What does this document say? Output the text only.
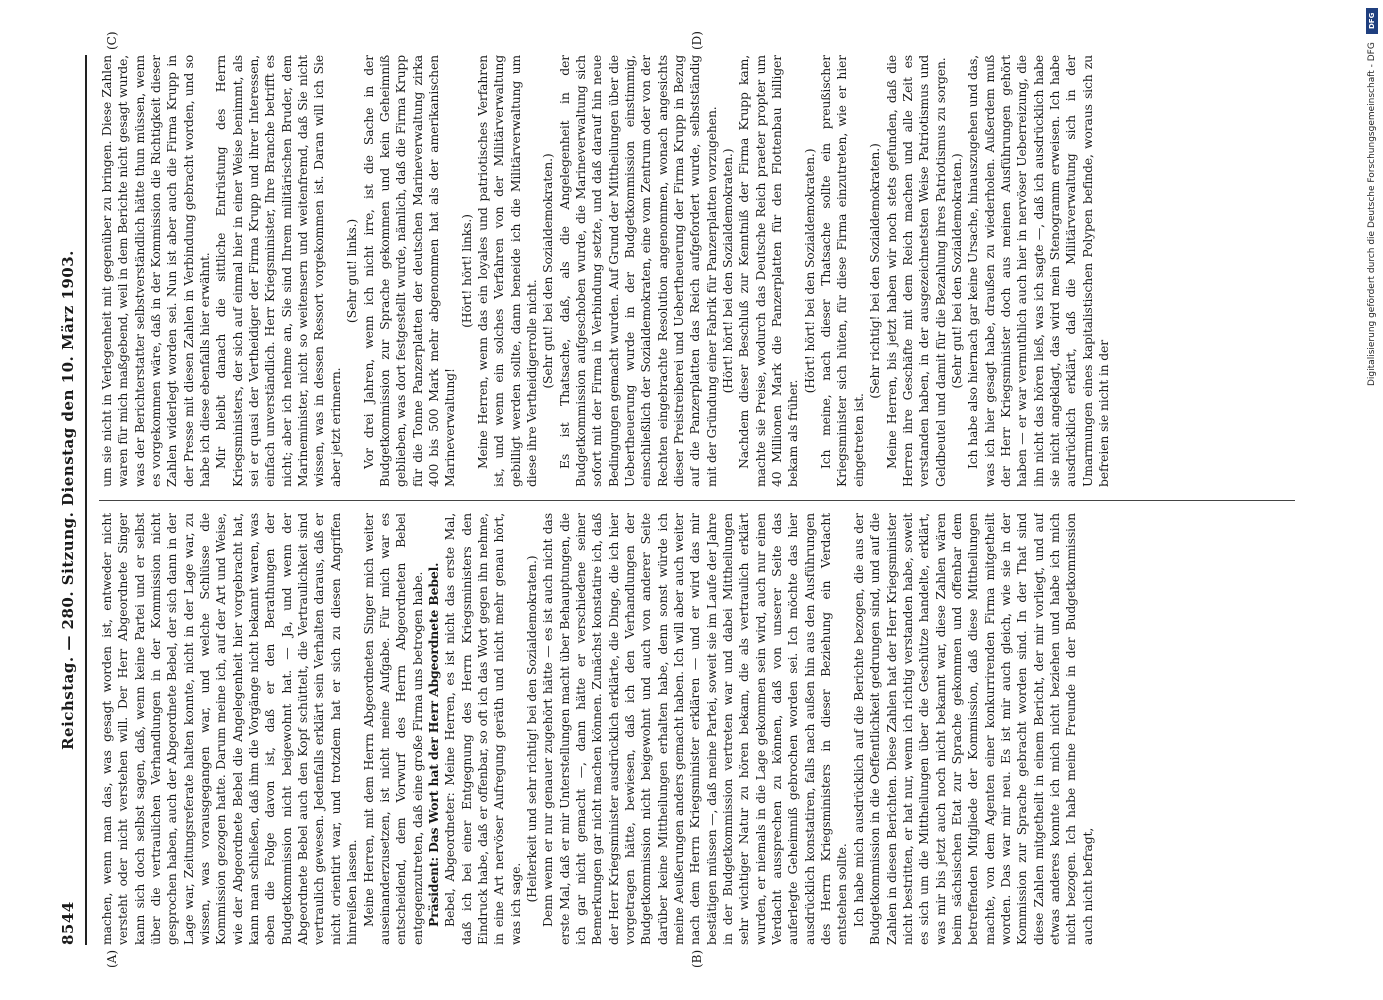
8544
Reichstag. — 280. Sitzung. Dienstag den 10. März 1903. machen, wenn man das, was gesagt worden ist, entweder nicht versteht oder nicht verstehen will. Der Herr Abgeordnete Singer kann sich doch selbst sagen, daß, wenn keine Partei und er selbst über die vertraulichen Verhandlungen in der Kommission nicht gesprochen haben, auch der Abgeordnete Bebel, der sich dann in der Lage war, Zeitungsreferate halten konnte, nicht in der Lage war, zu wissen, was vorausgegangen war, und welche Schlüsse die Kommission gezogen hatte. Darum meine ich, auf der Art und Weise, wie der Abgeordnete Bebel die Angelegenheit hier vorgebracht hat, kann man schließen, daß ihm die Vorgänge nicht bekannt waren, was eben die Folge davon ist, daß er den Berathungen der Budgetkommission nicht beigewohnt hat. — Ja, und wenn der Abgeordnete Bebel auch den Kopf schüttelt, die Vertraulichkeit sind vertraulich gewesen. Jedenfalls erklärt sein Verhalten daraus, daß er nicht orientirt war, und trotzdem hat er sich zu diesen Angriffen hinreißen lassen. Meine Herren, mit dem Herrn Abgeordneten Singer mich weiter auseinanderzusetzen, ist nicht meine Aufgabe. Für mich war es entscheidend, dem Vorwurf des Herrn Abgeordneten Bebel entgegenzutreten, daß eine große Firma uns betrogen habe. Präsident: Das Wort hat der Herr Abgeordnete Bebel. Bebel, Abgeordneter: Meine Herren, es ist nicht das erste Mal, daß ich bei einer Entgegnung des Herrn Kriegsministers den Eindruck habe, daß er offenbar, so oft ich das Wort gegen ihn nehme, in eine Art nervöser Aufregung geräth und nicht mehr genau hört, was ich sage.

(Heiterkeit und sehr richtig! bei den Sozialdemokraten.) Denn wenn er nur genauer zugehört hätte — es ist auch nicht das erste Mal, daß er mir Unterstellungen macht über Behauptungen, die ich gar nicht gemacht —, dann hätte er verschiedene seiner Bemerkungen gar nicht machen können. Zunächst konstatire ich, daß der Herr Kriegsminister ausdrücklich erklärte, die Dinge, die ich hier vorgetragen hätte, bewiesen, daß ich den Verhandlungen der Budgetkommission nicht beigewohnt und auch von anderer Seite darüber keine Mittheilungen erhalten habe, denn sonst würde ich meine Aeußerungen anders gemacht haben. Ich will aber auch weiter nach dem Herrn Kriegsminister erklären — und er wird das mir bestätigen müssen —, daß meine Partei, soweit sie im Laufe der Jahre in der Budgetkommission vertreten war und dabei Mittheilungen sehr wichtiger Natur zu hören bekam, die als vertraulich erklärt wurden, er niemals in die Lage gekommen sein wird, auch nur einen Verdacht aussprechen zu können, daß von unserer Seite das auferlegte Geheimniß gebrochen worden sei. Ich möchte das hier ausdrücklich konstatiren, falls nach außen hin aus den Ausführungen des Herrn Kriegsministers in dieser Beziehung ein Verdacht entstehen sollte. Ich habe mich ausdrücklich auf die Berichte bezogen, die aus der Budgetkommission in die Oeffentlichkeit gedrungen sind, und auf die Zahlen in diesen Berichten. Diese Zahlen hat der Herr Kriegsminister nicht bestritten, er hat nur, wenn ich richtig verstanden habe, soweit es sich um die Mittheilungen über die Geschütze handelte, erklärt, was mir bis jetzt auch noch nicht bekannt war, diese Zahlen wären beim sächsischen Etat zur Sprache gekommen und offenbar dem betreffenden Mitgliede der Kommission, daß diese Mittheilungen machte, von dem Agenten einer konkurrirenden Firma mitgetheilt worden. Das war mir neu. Es ist mir auch gleich, wie sie in der Kommission zur Sprache gebracht worden sind. In der That sind diese Zahlen mitgetheilt in einem Bericht, der mir vorliegt, und auf etwas anderes konnte ich mich nicht beziehen und habe ich mich nicht bezogen. Ich habe meine Freunde in der Budgetkommission auch nicht befragt,

um sie nicht in Verlegenheit mit gegenüber zu bringen. Diese Zahlen waren für mich maßgebend, weil in dem Berichte nicht gesagt wurde, was der Berichterstatter selbstverständlich hätte thun müssen, wenn es vorgekommen wäre, daß in der Kommission die Richtigkeit dieser Zahlen widerlegt worden sei. Nun ist aber auch die Firma Krupp in der Presse mit diesen Zahlen in Verbindung gebracht worden, und so habe ich diese ebenfalls hier erwähnt. Mir bleibt danach die sittliche Entrüstung des Herrn Kriegsministers, der sich auf einmal hier in einer Weise benimmt, als sei er quasi der Vertheidiger der Firma Krupp und ihrer Interessen, einfach unverständlich. Herr Kriegsminister, Ihre Branche betrifft es nicht; aber ich nehme an, Sie sind Ihrem militärischen Bruder, dem Marineminister, nicht so weitensern und weitenfremd, daß Sie nicht wissen, was in dessen Ressort vorgekommen ist. Daran will ich Sie aber jetzt erinnern.

(Sehr gut! links.) Vor drei Jahren, wenn ich nicht irre, ist die Sache in der Budgetkommission zur Sprache gekommen und kein Geheimniß geblieben, was dort festgestellt wurde, nämlich, daß die Firma Krupp für die Tonne Panzerplatten der deutschen Marineverwaltung zirka 400 bis 500 Mark mehr abgenommen hat als der amerikanischen Marineverwaltung!

(Hört! hört! links.) Meine Herren, wenn das ein loyales und patriotisches Verfahren ist, und wenn ein solches Verfahren von der Militärverwaltung gebilligt werden sollte, dann beneide ich die Militärverwaltung um diese ihre Vertheidigerrolle nicht. (Sehr gut! bei den Sozialdemokraten.) Es ist Thatsache, daß, als die Angelegenheit in der Budgetkommission aufgeschoben wurde, die Marineverwaltung sich sofort mit der Firma in Verbindung setzte, und daß darauf hin neue Bedingungen gemacht wurden. Auf Grund der Mittheilungen über die Uebertheuerung wurde in der Budgetkommission einstimmig, einschließlich der Sozialdemokraten, eine vom Zentrum oder von der Rechten eingebrachte Resolution angenommen, wonach angesichts dieser Preistreiberei und Uebertheuerung der Firma Krupp in Bezug auf die Panzerplatten das Reich aufgefordert wurde, selbstständig mit der Gründung einer Fabrik für Panzerplatten vorzugehen. (Hört! hört! bei den Sozialdemokraten.) Nachdem dieser Beschluß zur Kenntniß der Firma Krupp kam, machte sie Preise, wodurch das Deutsche Reich praeter propter um 40 Millionen Mark die Panzerplatten für den Flottenbau billiger bekam als früher.

(Hört! hört! bei den Sozialdemokraten.) Ich meine, nach dieser Thatsache sollte ein preußischer Kriegsminister sich hüten, für diese Firma einzutreten, wie er hier eingetreten ist.

(Sehr richtig! bei den Sozialdemokraten.) Meine Herren, bis jetzt haben wir noch stets gefunden, daß die Herren ihre Geschäfte mit dem Reich machen und alle Zeit es verstanden haben, in der ausgezeichnetsten Weise Patriotismus und Geldbeutel und damit für die Bezahlung ihres Patriotismus zu sorgen. (Sehr gut! bei den Sozialdemokraten.) Ich habe also hiernach gar keine Ursache, hinauszugehen und das, was ich hier gesagt habe, draußen zu wiederholen. Außerdem muß der Herr Kriegsminister doch aus meinen Ausführungen gehört haben — er war vermuthlich auch hier in nervöser Ueberreizung, die ihn nicht das hören ließ, was ich sagte —, daß ich ausdrücklich habe sie nicht angeklagt, das wird mein Stenogramm erweisen. Ich habe ausdrücklich erklärt, daß die Militärverwaltung sich in der Umarmungen eines kapitalistischen Polypen befinde, woraus sich zu befreien sie nicht in der

(A)	(B)
(C)	(D)
DFG
Digitalisierung gefördert durch die Deutsche Forschungsgemeinschaft - DFG
